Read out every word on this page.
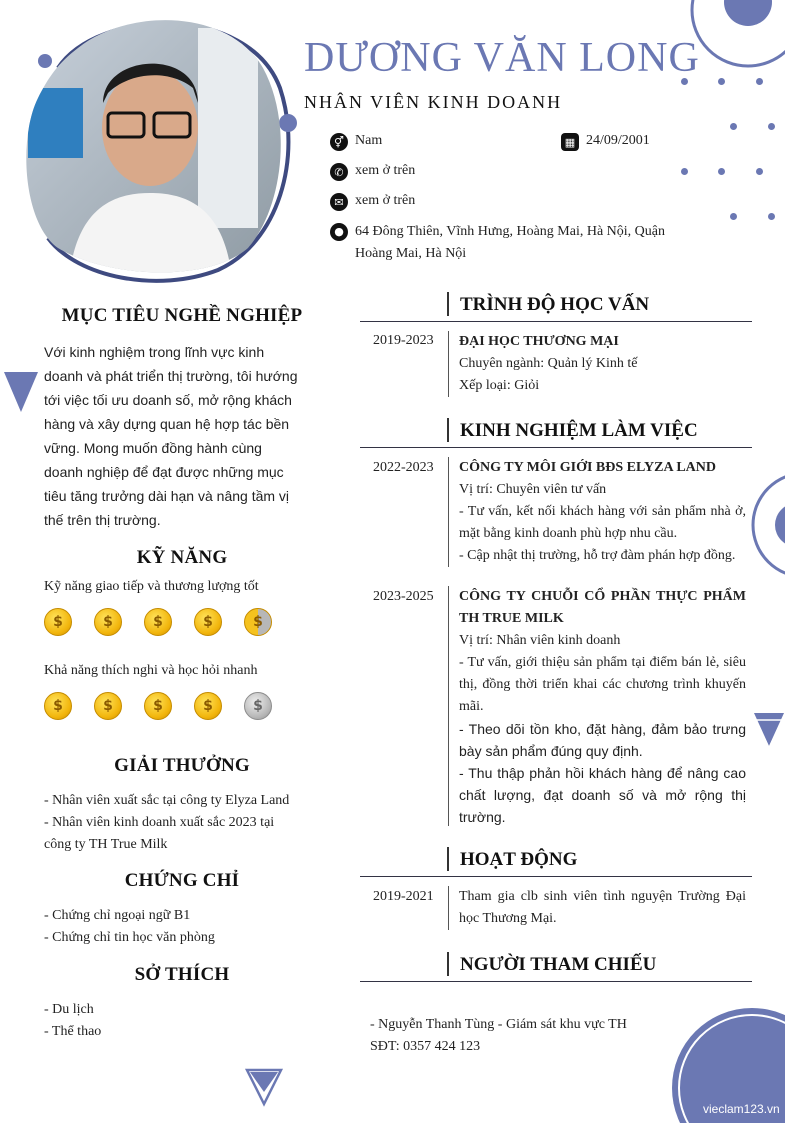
DƯƠNG VĂN LONG
NHÂN VIÊN KINH DOANH
⚥ Nam	▦ 24/09/2001
✆ xem ở trên
✉ xem ở trên
● 64 Đông Thiên, Vĩnh Hưng, Hoàng Mai, Hà Nội, Quận
Hoàng Mai, Hà Nội
MỤC TIÊU NGHỀ NGHIỆP
Với kinh nghiệm trong lĩnh vực kinh
doanh và phát triển thị trường, tôi hướng
tới việc tối ưu doanh số, mở rộng khách
hàng và xây dựng quan hệ hợp tác bền
vững. Mong muốn đồng hành cùng
doanh nghiệp để đạt được những mục
tiêu tăng trưởng dài hạn và nâng tầm vị
thế trên thị trường.
KỸ NĂNG
Kỹ năng giao tiếp và thương lượng tốt
$	$	$	$	$
Khả năng thích nghi và học hỏi nhanh
$	$	$	$	$
GIẢI THƯỞNG
- Nhân viên xuất sắc tại công ty Elyza Land
- Nhân viên kinh doanh xuất sắc 2023 tại
công ty TH True Milk
CHỨNG CHỈ
- Chứng chỉ ngoại ngữ B1
- Chứng chỉ tin học văn phòng
SỞ THÍCH
- Du lịch
- Thể thao
TRÌNH ĐỘ HỌC VẤN
2019-2023 ĐẠI HỌC THƯƠNG MẠI
Chuyên ngành: Quản lý Kinh tế
Xếp loại: Giỏi
KINH NGHIỆM LÀM VIỆC
2022-2023 CÔNG TY MÔI GIỚI BĐS ELYZA LAND
Vị trí: Chuyên viên tư vấn
- Tư vấn, kết nối khách hàng với sản phẩm nhà ở, mặt bằng kinh doanh phù hợp nhu cầu.
- Cập nhật thị trường, hỗ trợ đàm phán hợp đồng.
2023-2025 CÔNG TY CHUỖI CỔ PHẦN THỰC PHẨM TH TRUE MILK
Vị trí: Nhân viên kinh doanh
- Tư vấn, giới thiệu sản phẩm tại điểm bán lẻ, siêu thị, đồng thời triển khai các chương trình khuyến mãi.
- Theo dõi tồn kho, đặt hàng, đảm bảo trưng bày sản phẩm đúng quy định.
- Thu thập phản hồi khách hàng để nâng cao chất lượng, đạt doanh số và mở rộng thị trường.
HOẠT ĐỘNG
2019-2021 Tham gia clb sinh viên tình nguyện Trường Đại học Thương Mại.
NGƯỜI THAM CHIẾU
- Nguyễn Thanh Tùng - Giám sát khu vực TH
SĐT: 0357 424 123
vieclam123.vn
